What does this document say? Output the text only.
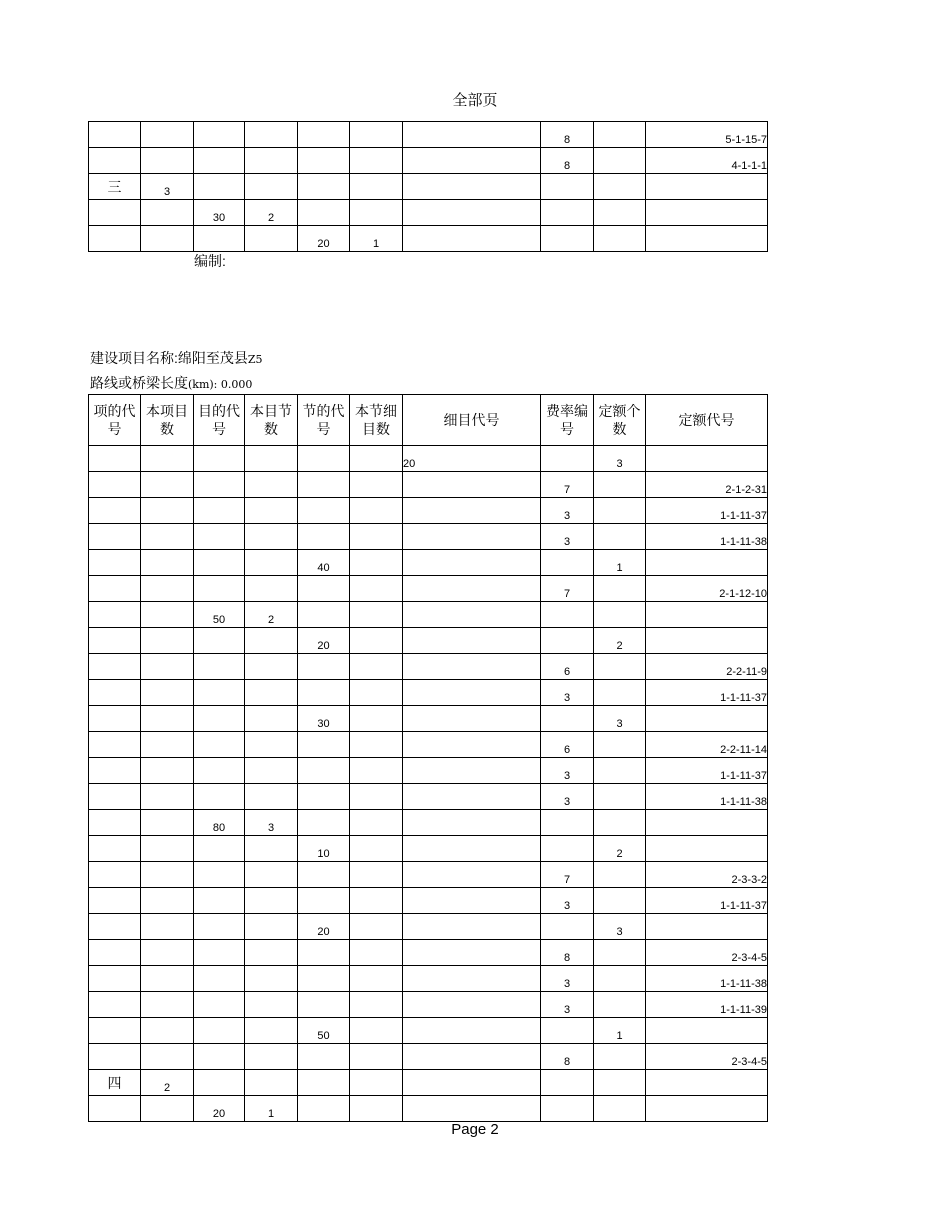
全部页
							8		5-1-15-7
							8		4-1-1-1
三	3								
		30	2						
				20	1				
编制:
建设项目名称:绵阳至茂县Z5
路线或桥梁长度(km): 0.000
项的代号	本项目数	目的代号	本目节数	节的代号	本节细目数	细目代号	费率编号	定额个数	定额代号
						20		3	
							7		2-1-2-31
							3		1-1-11-37
							3		1-1-11-38
				40				1	
							7		2-1-12-10
		50	2						
				20				2	
							6		2-2-11-9
							3		1-1-11-37
				30				3	
							6		2-2-11-14
							3		1-1-11-37
							3		1-1-11-38
		80	3						
				10				2	
							7		2-3-3-2
							3		1-1-11-37
				20				3	
							8		2-3-4-5
							3		1-1-11-38
							3		1-1-11-39
				50				1	
							8		2-3-4-5
四	2								
		20	1						
Page 2
